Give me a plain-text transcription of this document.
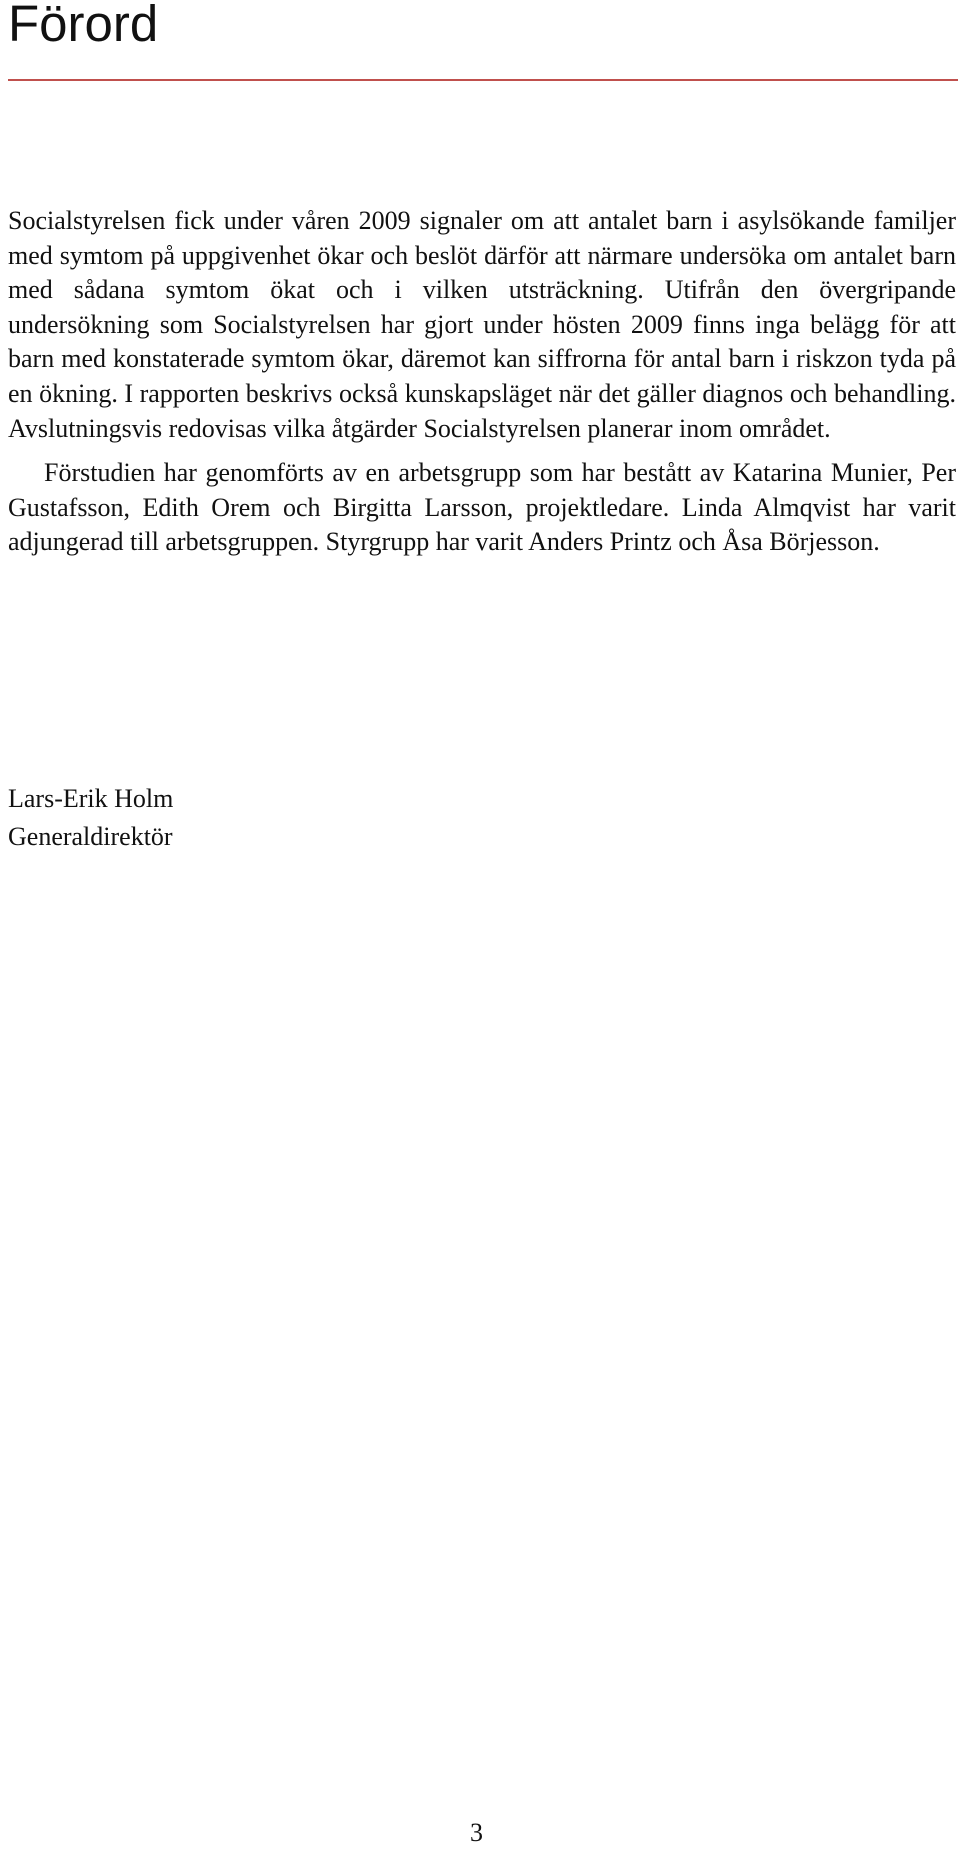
Förord

Socialstyrelsen fick under våren 2009 signaler om att antalet barn i asylsökande familjer med symtom på uppgivenhet ökar och beslöt därför att närmare undersöka om antalet barn med sådana symtom ökat och i vilken utsträckning. Utifrån den övergripande undersökning som Socialstyrelsen har gjort under hösten 2009 finns inga belägg för att barn med konstaterade symtom ökar, däremot kan siffrorna för antal barn i riskzon tyda på en ökning. I rapporten beskrivs också kunskapsläget när det gäller diagnos och behandling. Avslutningsvis redovisas vilka åtgärder Socialstyrelsen planerar inom området.

Förstudien har genomförts av en arbetsgrupp som har bestått av Katarina Munier, Per Gustafsson, Edith Orem och Birgitta Larsson, projektledare. Linda Almqvist har varit adjungerad till arbetsgruppen. Styrgrupp har varit Anders Printz och Åsa Börjesson.

Lars-Erik Holm
Generaldirektör
3
